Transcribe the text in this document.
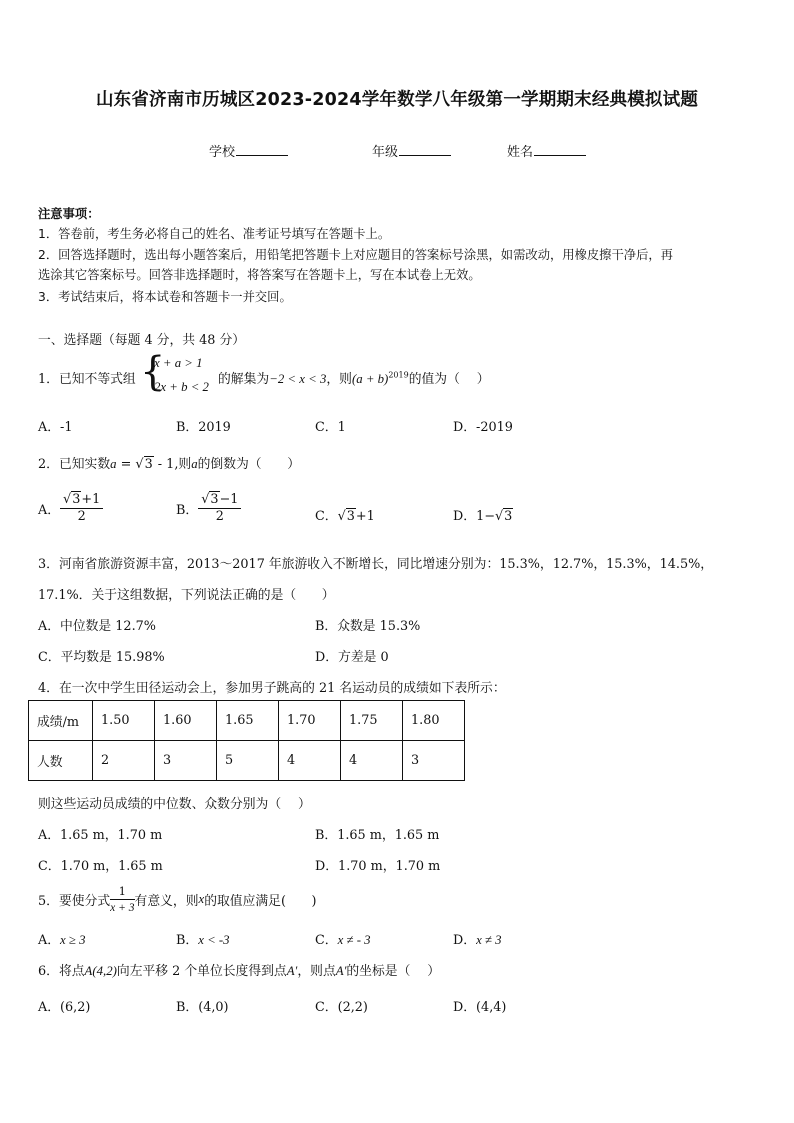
山东省济南市历城区2023-2024学年数学八年级第一学期期末经典模拟试题
学校	年级	姓名
注意事项：
1．答卷前，考生务必将自己的姓名、准考证号填写在答题卡上。
2．回答选择题时，选出每小题答案后，用铅笔把答题卡上对应题目的答案标号涂黑，如需改动，用橡皮擦干净后，再
选涂其它答案标号。回答非选择题时，将答案写在答题卡上，写在本试卷上无效。
3．考试结束后，将本试卷和答题卡一并交回。
一、选择题（每题 4 分，共 48 分）
1．已知不等式组 {
x + a > 1
2x + b < 2 的解集为−2 < x < 3，则$(a + b)^{2019}$的值为（　 ）
A．-1	B．2019	C．1	D．-2019
2．已知实数a = √3 - 1,则a的倒数为（　　）
A． $\frac{√3+1}{2}$	B． $\frac{√3-1}{2}$	C．√3+1	D．1−√3
3．河南省旅游资源丰富，2013～2017 年旅游收入不断增长，同比增速分别为：15.3%，12.7%，15.3%，14.5%，
17.1%．关于这组数据，下列说法正确的是（　　）
A．中位数是 12.7%	B．众数是 15.3%
C．平均数是 15.98%	D．方差是 0
4．在一次中学生田径运动会上，参加男子跳高的 21 名运动员的成绩如下表所示：
成绩/m	1.50	1.60	1.65	1.70	1.75	1.80
人数	2	3	5	4	4	3
则这些运动员成绩的中位数、众数分别为（　 ）
A．1.65 m，1.70 m	B．1.65 m，1.65 m
C．1.70 m，1.65 m	D．1.70 m，1.70 m
5．要使分式 $\frac{1}{x + 3}$ 有意义，则x的取值应满足(　　)
A．x ≥ 3	B．x < -3	C．x ≠ - 3	D．x ≠ 3
6．将点A(4,2)向左平移 2 个单位长度得到点A′，则点A′的坐标是（　 ）
A．(6,2)	B．(4,0)	C．(2,2)	D．(4,4)
